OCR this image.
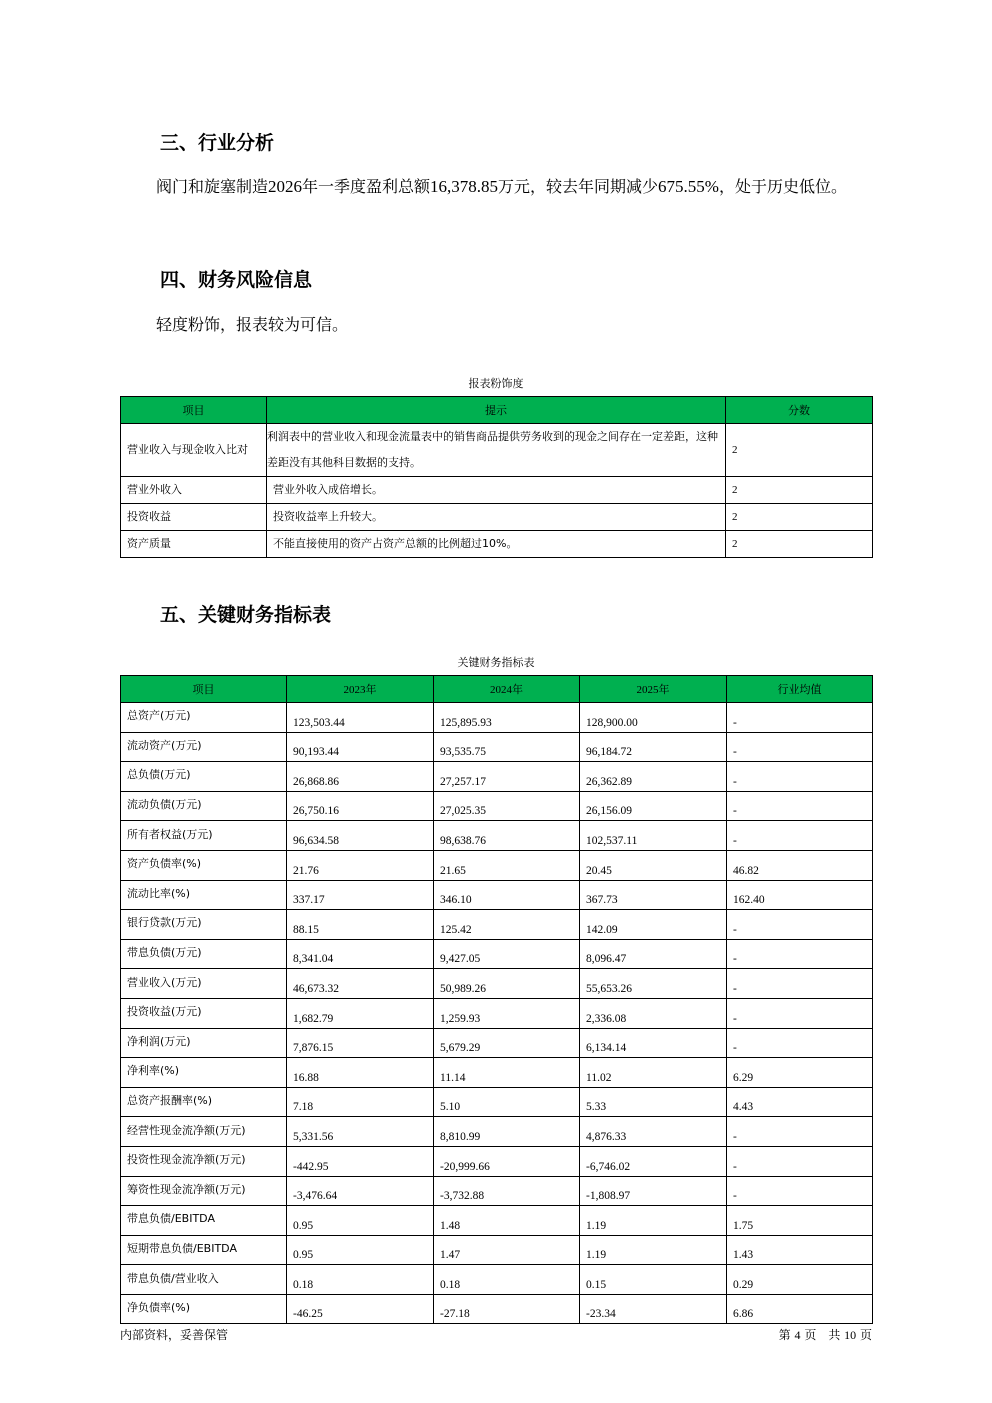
三、行业分析

阀门和旋塞制造2026年一季度盈利总额16,378.85万元，较去年同期减少675.55%，处于历史低位。

四、财务风险信息

轻度粉饰，报表较为可信。

报表粉饰度
项目	提示	分数
营业收入与现金收入比对	利润表中的营业收入和现金流量表中的销售商品提供劳务收到的现金之间存在一定差距，这种差距没有其他科目数据的支持。	2
营业外收入	营业外收入成倍增长。	2
投资收益	投资收益率上升较大。	2
资产质量	不能直接使用的资产占资产总额的比例超过10%。	2
五、关键财务指标表
关键财务指标表
项目	2023年	2024年	2025年	行业均值
总资产(万元)	123,503.44	125,895.93	128,900.00	-
流动资产(万元)	90,193.44	93,535.75	96,184.72	-
总负债(万元)	26,868.86	27,257.17	26,362.89	-
流动负债(万元)	26,750.16	27,025.35	26,156.09	-
所有者权益(万元)	96,634.58	98,638.76	102,537.11	-
资产负债率(%)	21.76	21.65	20.45	46.82
流动比率(%)	337.17	346.10	367.73	162.40
银行贷款(万元)	88.15	125.42	142.09	-
带息负债(万元)	8,341.04	9,427.05	8,096.47	-
营业收入(万元)	46,673.32	50,989.26	55,653.26	-
投资收益(万元)	1,682.79	1,259.93	2,336.08	-
净利润(万元)	7,876.15	5,679.29	6,134.14	-
净利率(%)	16.88	11.14	11.02	6.29
总资产报酬率(%)	7.18	5.10	5.33	4.43
经营性现金流净额(万元)	5,331.56	8,810.99	4,876.33	-
投资性现金流净额(万元)	-442.95	-20,999.66	-6,746.02	-
筹资性现金流净额(万元)	-3,476.64	-3,732.88	-1,808.97	-
带息负债/EBITDA	0.95	1.48	1.19	1.75
短期带息负债/EBITDA	0.95	1.47	1.19	1.43
带息负债/营业收入	0.18	0.18	0.15	0.29
净负债率(%)	-46.25	-27.18	-23.34	6.86
内部资料，妥善保管	第 4 页　共 10 页
